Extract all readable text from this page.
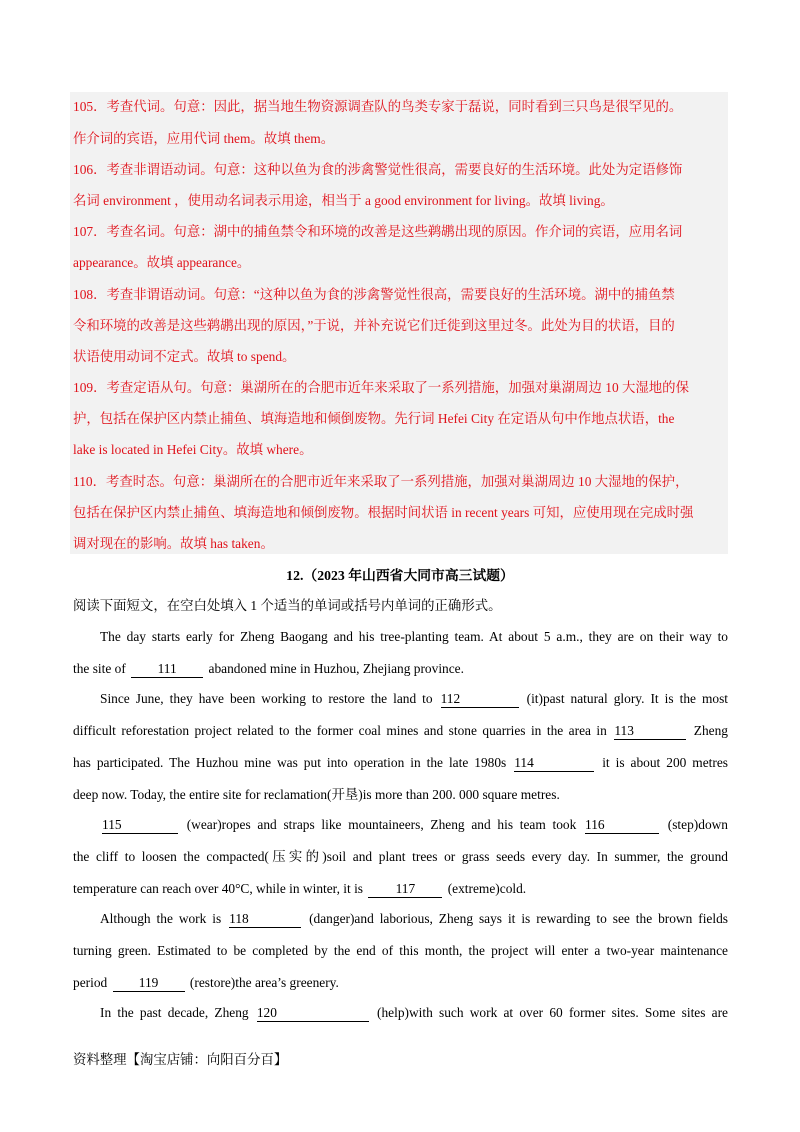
105．考查代词。句意：因此，据当地生物资源调查队的鸟类专家于磊说，同时看到三只鸟是很罕见的。
作介词的宾语，应用代词 them。故填 them。
106．考查非谓语动词。句意：这种以鱼为食的涉禽警觉性很高，需要良好的生活环境。此处为定语修饰
名词 environment ，使用动名词表示用途，相当于 a good environment for living。故填 living。
107．考查名词。句意：湖中的捕鱼禁令和环境的改善是这些鹈鹕出现的原因。作介词的宾语，应用名词
appearance。故填 appearance。
108．考查非谓语动词。句意：“这种以鱼为食的涉禽警觉性很高，需要良好的生活环境。湖中的捕鱼禁
令和环境的改善是这些鹈鹕出现的原因，”于说，并补充说它们迁徙到这里过冬。此处为目的状语，目的
状语使用动词不定式。故填 to spend。
109．考查定语从句。句意：巢湖所在的合肥市近年来采取了一系列措施，加强对巢湖周边 10 大湿地的保
护，包括在保护区内禁止捕鱼、填海造地和倾倒废物。先行词 Hefei City 在定语从句中作地点状语，the
lake is located in Hefei City。故填 where。
110．考查时态。句意：巢湖所在的合肥市近年来采取了一系列措施，加强对巢湖周边 10 大湿地的保护，
包括在保护区内禁止捕鱼、填海造地和倾倒废物。根据时间状语 in recent years 可知，应使用现在完成时强
调对现在的影响。故填 has taken。
12.（2023 年山西省大同市高三试题）
阅读下面短文，在空白处填入 1 个适当的单词或括号内单词的正确形式。
The day starts early for Zheng Baogang and his tree-planting team. At about 5 a.m., they are on their way to
the site of 111 abandoned mine in Huzhou, Zhejiang province.
Since June, they have been working to restore the land to 112	(it)past natural glory. It is the most
difficult reforestation project related to the former coal mines and stone quarries in the area in 113	Zheng
has participated. The Huzhou mine was put into operation in the late 1980s 114	it is about 200 metres
deep now. Today, the entire site for reclamation(开垦)is more than 200. 000 square metres.
115	(wear)ropes and straps like mountaineers, Zheng and his team took 116	(step)down
the cliff to loosen the compacted(压实的)soil and plant trees or grass seeds every day. In summer, the ground
temperature can reach over 40°C, while in winter, it is 117 (extreme)cold.
Although the work is 118	(danger)and laborious, Zheng says it is rewarding to see the brown fields
turning green. Estimated to be completed by the end of this month, the project will enter a two-year maintenance
period 119 (restore)the area’s greenery.
In the past decade, Zheng 120	(help)with such work at over 60 former sites. Some sites are
资料整理【淘宝店铺：向阳百分百】
